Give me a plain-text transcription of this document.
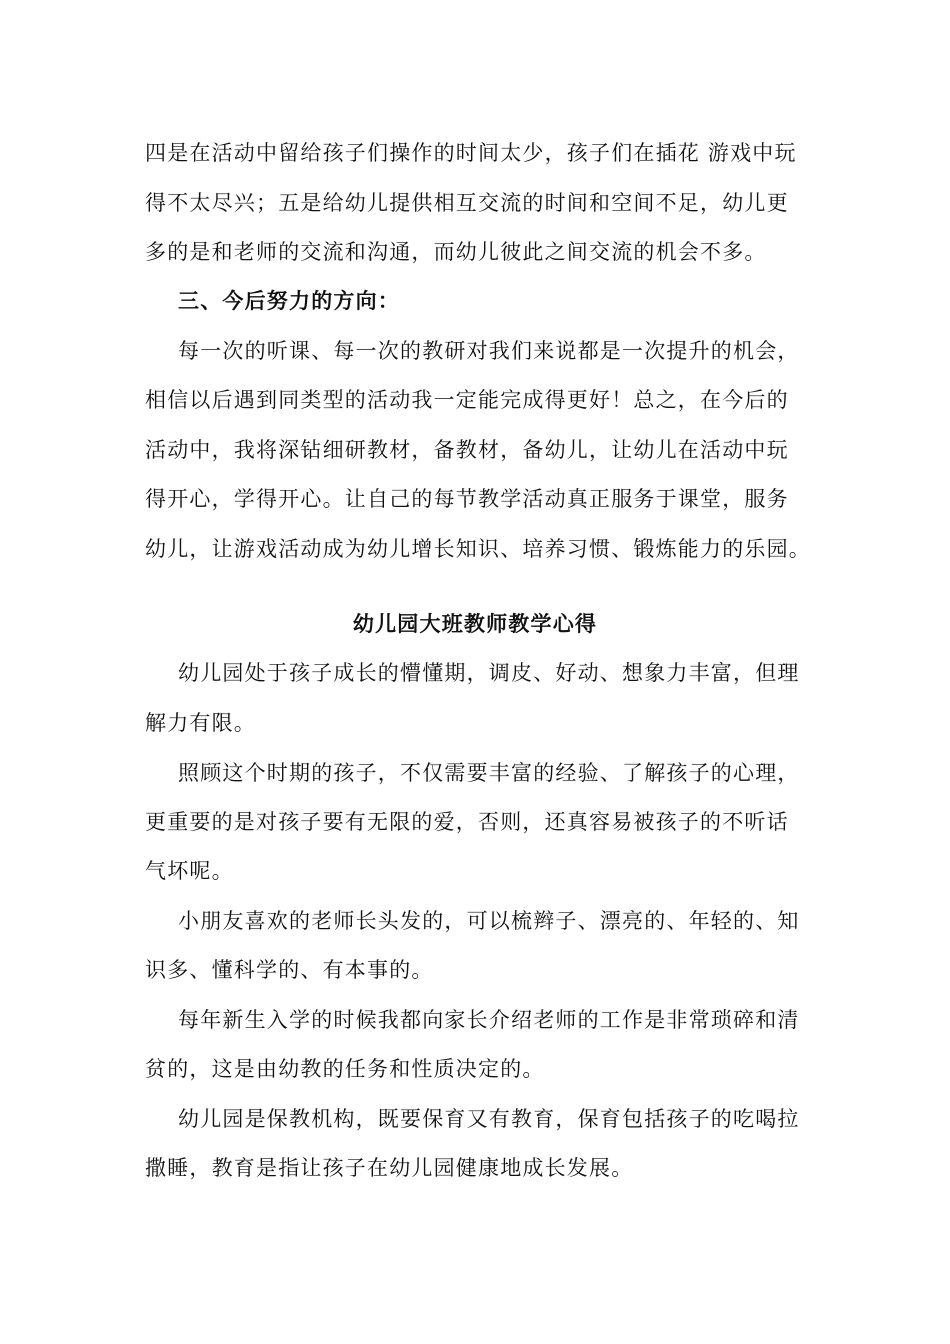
四是在活动中留给孩子们操作的时间太少，孩子们在插花 游戏中玩
得不太尽兴；五是给幼儿提供相互交流的时间和空间不足，幼儿更
多的是和老师的交流和沟通，而幼儿彼此之间交流的机会不多。
三、今后努力的方向：
每一次的听课、每一次的教研对我们来说都是一次提升的机会，
相信以后遇到同类型的活动我一定能完成得更好！总之，在今后的
活动中，我将深钻细研教材，备教材，备幼儿，让幼儿在活动中玩
得开心，学得开心。让自己的每节教学活动真正服务于课堂，服务
幼儿，让游戏活动成为幼儿增长知识、培养习惯、锻炼能力的乐园。
幼儿园大班教师教学心得
幼儿园处于孩子成长的懵懂期，调皮、好动、想象力丰富，但理
解力有限。
照顾这个时期的孩子，不仅需要丰富的经验、了解孩子的心理，
更重要的是对孩子要有无限的爱，否则，还真容易被孩子的不听话
气坏呢。
小朋友喜欢的老师长头发的，可以梳辫子、漂亮的、年轻的、知
识多、懂科学的、有本事的。
每年新生入学的时候我都向家长介绍老师的工作是非常琐碎和清
贫的，这是由幼教的任务和性质决定的。
幼儿园是保教机构，既要保育又有教育，保育包括孩子的吃喝拉
撒睡，教育是指让孩子在幼儿园健康地成长发展。
